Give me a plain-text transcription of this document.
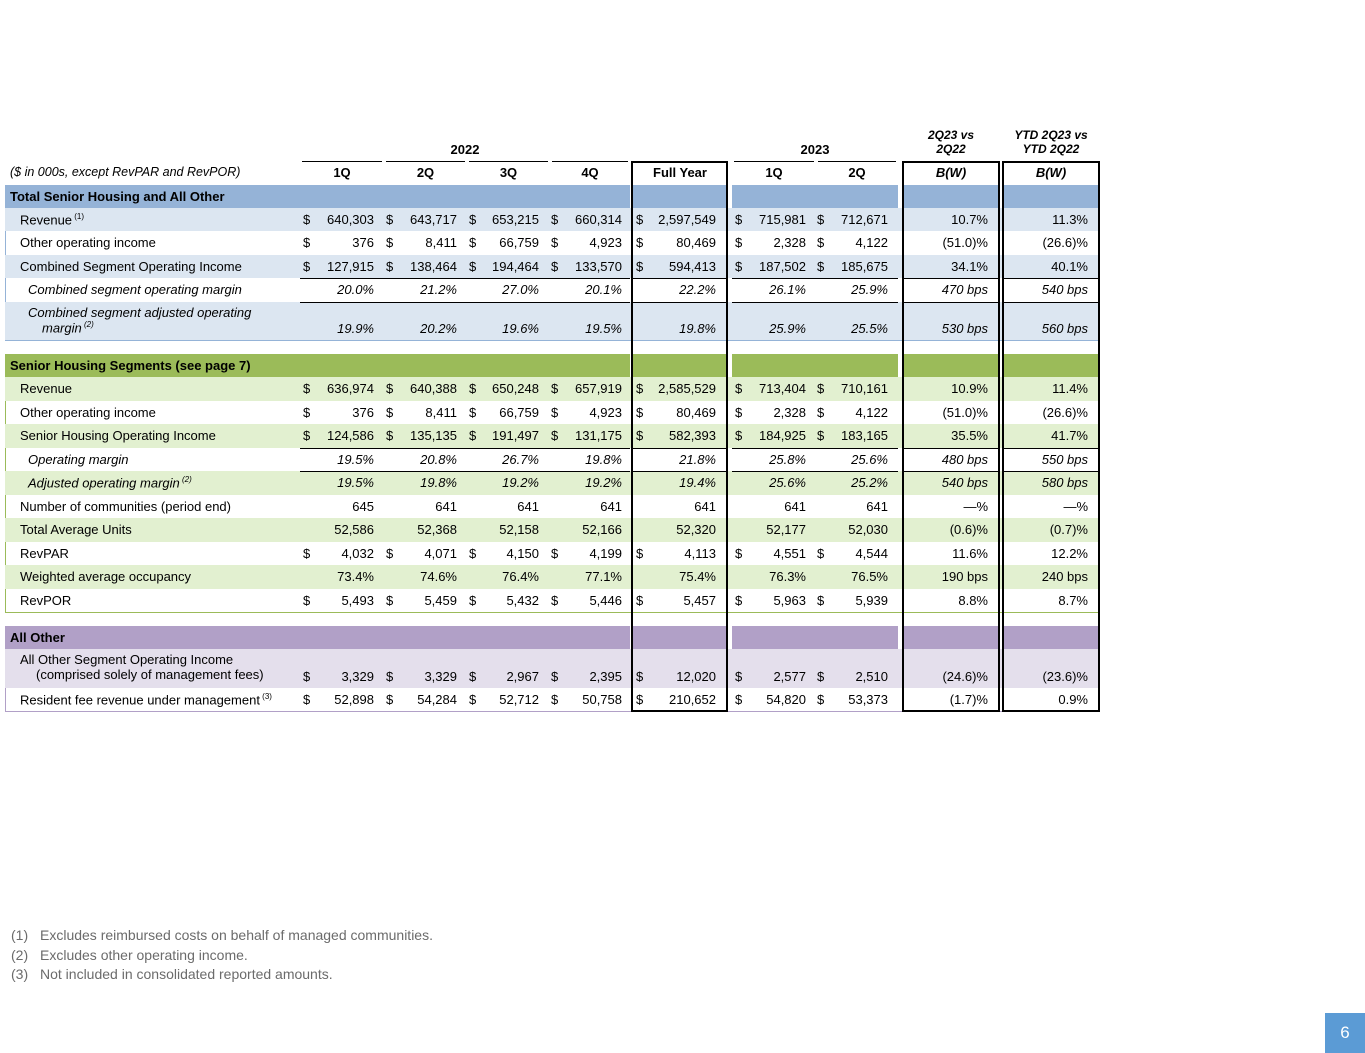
2022	2023
2Q23 vs
2Q22
YTD 2Q23 vs
YTD 2Q22
($ in 000s, except RevPAR and RevPOR)	1Q	2Q	3Q	4Q	Full Year	1Q	2Q	B(W)	B(W)
Total Senior Housing and All Other
Revenue $^{(1)}$	$	640,303 $	643,717 $	653,215 $	660,314 $	2,597,549 $	715,981 $	712,671	10.7%	11.3%
Other operating income	$	376 $	8,411 $	66,759 $	4,923 $	80,469 $	2,328 $	4,122	(51.0)%	(26.6)%
Combined Segment Operating Income	$	127,915 $	138,464 $	194,464 $	133,570 $	594,413 $	187,502 $	185,675	34.1%	40.1%
Combined segment operating margin	20.0%	21.2%	27.0%	20.1%	22.2%	26.1%	25.9%	470 bps	540 bps
Combined segment adjusted operating
margin $^{(2)}$	19.9%	20.2%	19.6%	19.5%	19.8%	25.9%	25.5%	530 bps	560 bps
Senior Housing Segments (see page 7)
Revenue	$	636,974 $	640,388 $	650,248 $	657,919 $	2,585,529 $	713,404 $	710,161	10.9%	11.4%
Other operating income	$	376 $	8,411 $	66,759 $	4,923 $	80,469 $	2,328 $	4,122	(51.0)%	(26.6)%
Senior Housing Operating Income	$	124,586 $	135,135 $	191,497 $	131,175 $	582,393 $	184,925 $	183,165	35.5%	41.7%
Operating margin	19.5%	20.8%	26.7%	19.8%	21.8%	25.8%	25.6%	480 bps	550 bps
Adjusted operating margin $^{(2)}$	19.5%	19.8%	19.2%	19.2%	19.4%	25.6%	25.2%	540 bps	580 bps
Number of communities (period end)	645	641	641	641	641	641	641	—%	—%
Total Average Units	52,586	52,368	52,158	52,166	52,320	52,177	52,030	(0.6)%	(0.7)%
RevPAR	$	4,032 $	4,071 $	4,150 $	4,199 $	4,113 $	4,551 $	4,544	11.6%	12.2%
Weighted average occupancy	73.4%	74.6%	76.4%	77.1%	75.4%	76.3%	76.5%	190 bps	240 bps
RevPOR	$	5,493 $	5,459 $	5,432 $	5,446 $	5,457 $	5,963 $	5,939	8.8%	8.7%
All Other
All Other Segment Operating Income
(comprised solely of management fees)	$	3,329 $	3,329 $	2,967 $	2,395 $	12,020 $	2,577 $	2,510	(24.6)%	(23.6)%
Resident fee revenue under management $^{(3)}$ $	52,898 $	54,284 $	52,712 $	50,758 $	210,652 $	54,820 $	53,373	(1.7)%	0.9%
(1) Excludes reimbursed costs on behalf of managed communities.
(2) Excludes other operating income.
(3) Not included in consolidated reported amounts.
6
